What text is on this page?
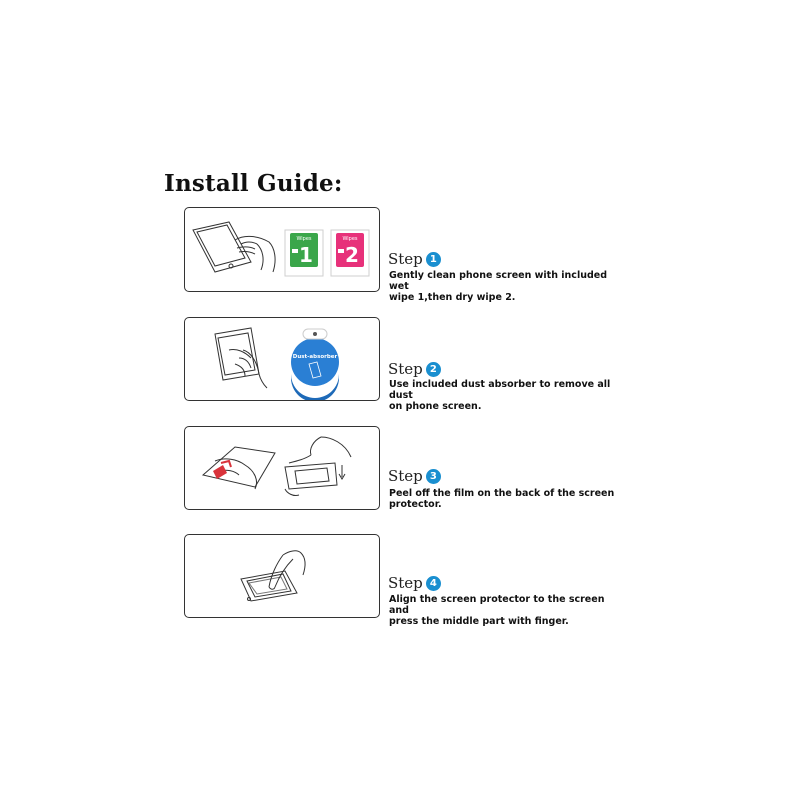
Install Guide:
Wipes
1
Wipes
2 Step 1
Gently clean phone screen with included wet
wipe 1,then dry wipe 2.
Dust-absorber
Step 2
Use included dust absorber to remove all dust
on phone screen.
Step 3
Peel off the film on the back of the screen
protector.
Step 4
Align the screen protector to the screen and
press the middle part with finger.
